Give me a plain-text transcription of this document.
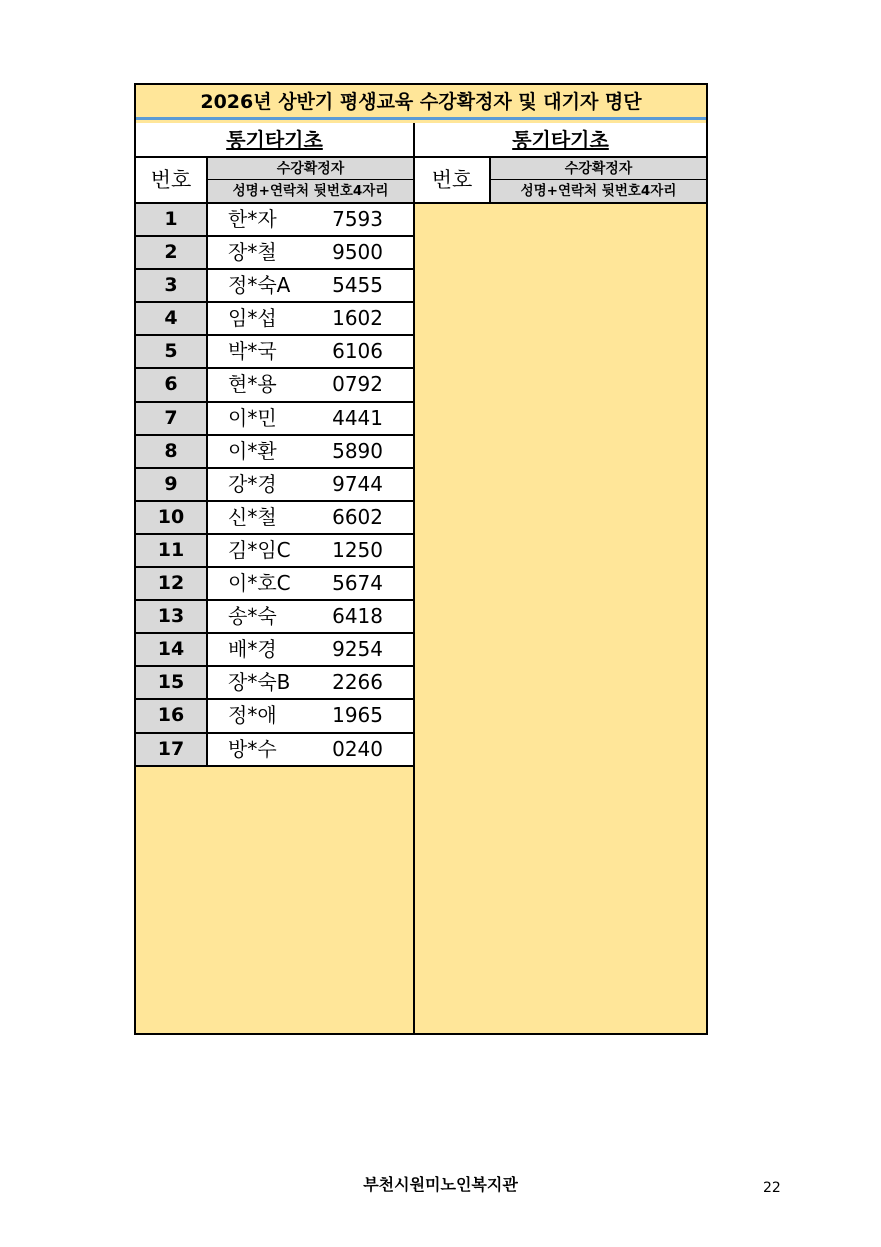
2026년 상반기 평생교육 수강확정자 및 대기자 명단
통기타기초
번호	수강확정자
성명+연락처 뒷번호4자리
1	한*자	7593
2	장*철	9500
3	정*숙A 5455
4	임*섭	1602
5	박*국	6106
6	현*용	0792
7	이*민	4441
8	이*환	5890
9	강*경	9744
10	신*철	6602
11	김*임C 1250
12	이*호C 5674
13	송*숙	6418
14	배*경	9254
15	장*숙B 2266
16	정*애	1965
17	방*수	0240
통기타기초
번호	수강확정자
성명+연락처 뒷번호4자리
부천시원미노인복지관	22
